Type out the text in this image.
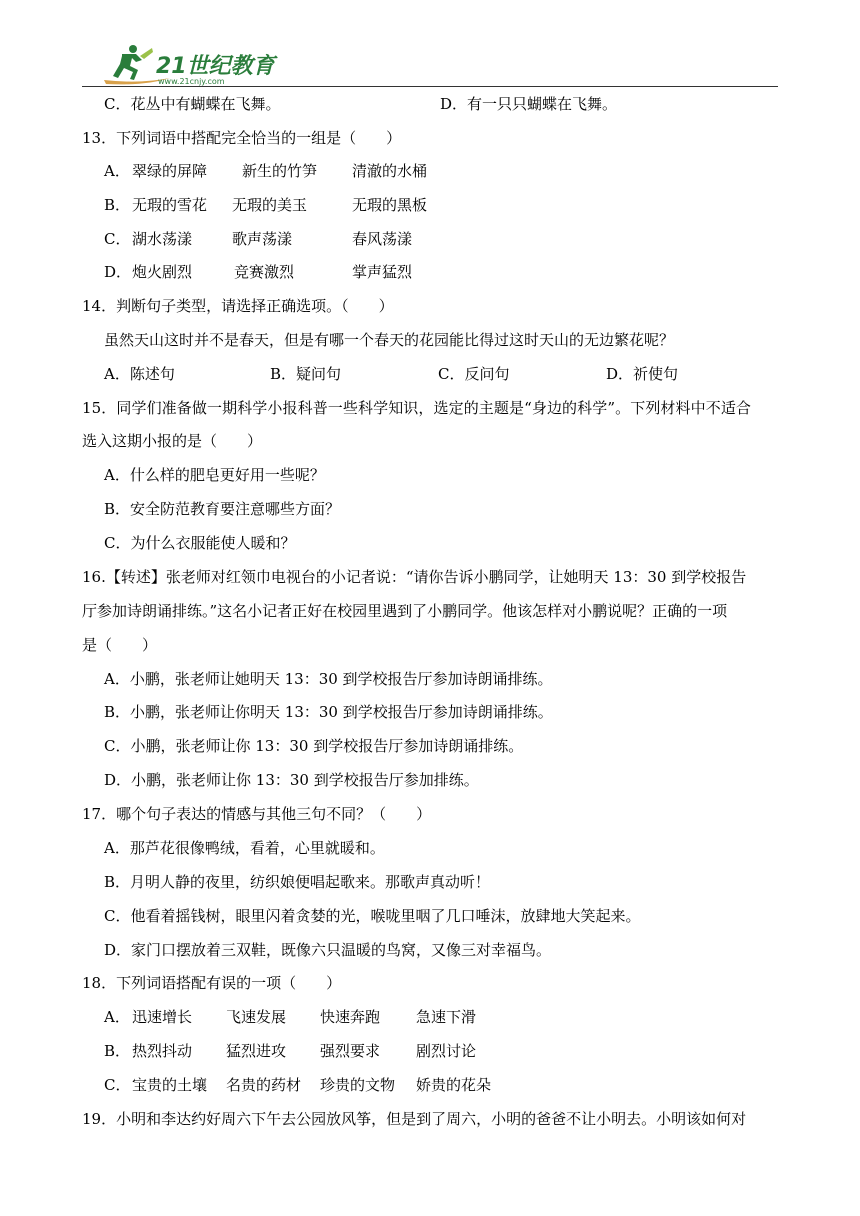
21世纪教育
www.21cnjy.com
C．花丛中有蝴蝶在飞舞。	D．有一只只蝴蝶在飞舞。
13．下列词语中搭配完全恰当的一组是（　　）
A． 翠绿的屏障 新生的竹笋 清澈的水桶
B． 无瑕的雪花 无瑕的美玉	无瑕的黑板
C． 湖水荡漾	歌声荡漾	春风荡漾
D． 炮火剧烈	竞赛激烈	掌声猛烈
14．判断句子类型，请选择正确选项。（　　）
虽然天山这时并不是春天，但是有哪一个春天的花园能比得过这时天山的无边繁花呢？
A．陈述句	B．疑问句	C．反问句	D．祈使句
15．同学们准备做一期科学小报科普一些科学知识，选定的主题是“身边的科学”。下列材料中不适合
选入这期小报的是（　　）
A．什么样的肥皂更好用一些呢？
B．安全防范教育要注意哪些方面？
C．为什么衣服能使人暖和？
16.【转述】张老师对红领巾电视台的小记者说：“请你告诉小鹏同学，让她明天 13：30 到学校报告
厅参加诗朗诵排练。”这名小记者正好在校园里遇到了小鹏同学。他该怎样对小鹏说呢？正确的一项
是（　　）
A．小鹏，张老师让她明天 13：30 到学校报告厅参加诗朗诵排练。
B．小鹏，张老师让你明天 13：30 到学校报告厅参加诗朗诵排练。
C．小鹏，张老师让你 13：30 到学校报告厅参加诗朗诵排练。
D．小鹏，张老师让你 13：30 到学校报告厅参加排练。
17．哪个句子表达的情感与其他三句不同？（　　）
A．那芦花很像鸭绒，看着，心里就暖和。
B．月明人静的夜里，纺织娘便唱起歌来。那歌声真动听！
C．他看着摇钱树，眼里闪着贪婪的光，喉咙里咽了几口唾沫，放肆地大笑起来。
D．家门口摆放着三双鞋，既像六只温暖的鸟窝，又像三对幸福鸟。
18．下列词语搭配有误的一项（　　）
A． 迅速增长 飞速发展 快速奔跑 急速下滑
B． 热烈抖动 猛烈进攻 强烈要求 剧烈讨论
C． 宝贵的土壤 名贵的药材 珍贵的文物 娇贵的花朵
19．小明和李达约好周六下午去公园放风筝，但是到了周六，小明的爸爸不让小明去。小明该如何对
